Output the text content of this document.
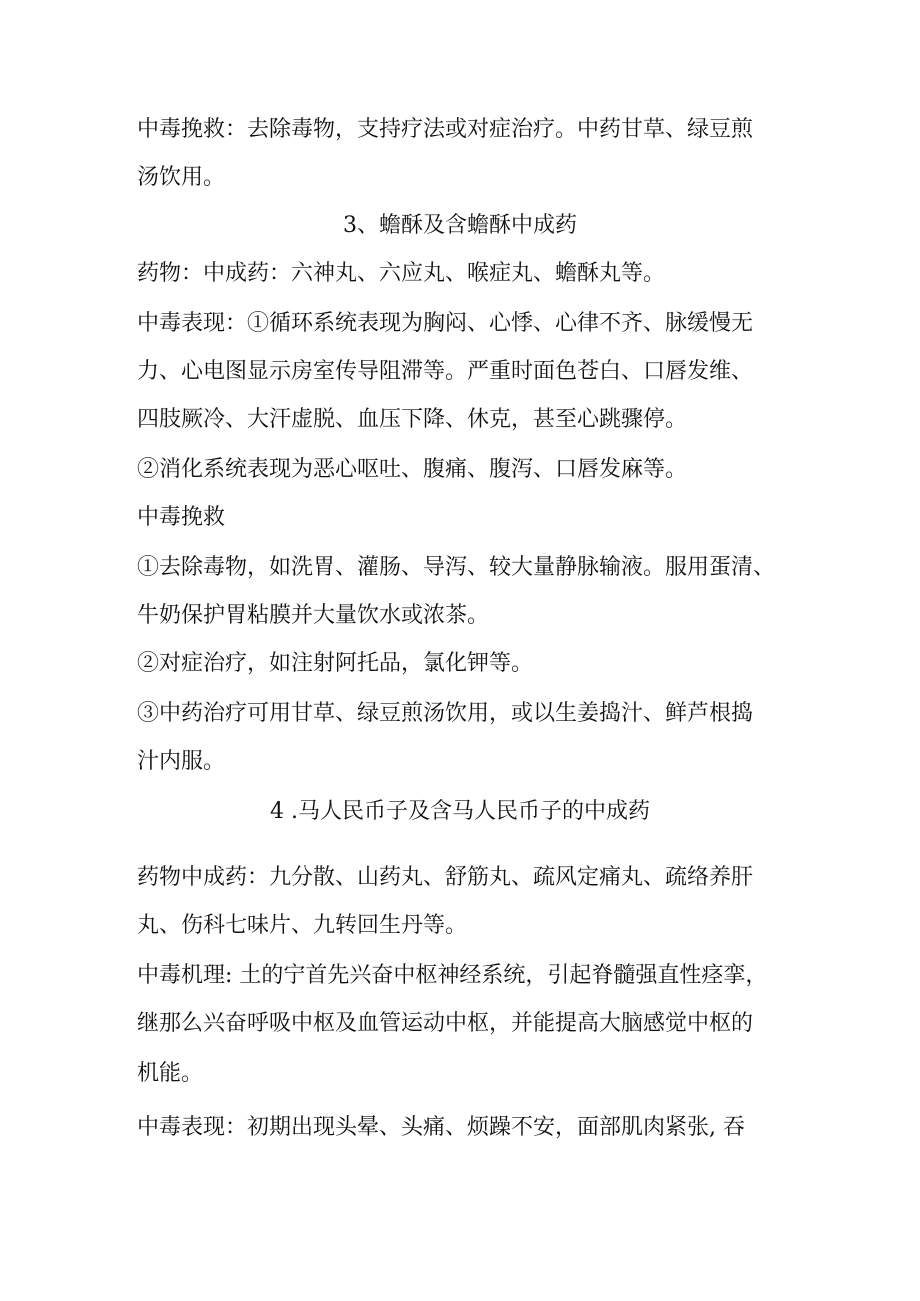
中毒挽救：去除毒物，支持疗法或对症治疗。中药甘草、绿豆煎
汤饮用。
3、蟾酥及含蟾酥中成药
药物：中成药：六神丸、六应丸、喉症丸、蟾酥丸等。
中毒表现：①循环系统表现为胸闷、心悸、心律不齐、脉缓慢无
力、心电图显示房室传导阻滞等。严重时面色苍白、口唇发维、
四肢厥冷、大汗虚脱、血压下降、休克，甚至心跳骤停。
②消化系统表现为恶心呕吐、腹痛、腹泻、口唇发麻等。
中毒挽救
①去除毒物，如洗胃、灌肠、导泻、较大量静脉输液。服用蛋清、
牛奶保护胃粘膜并大量饮水或浓茶。
②对症治疗，如注射阿托品，氯化钾等。
③中药治疗可用甘草、绿豆煎汤饮用，或以生姜捣汁、鲜芦根捣
汁内服。
4 .马人民币子及含马人民币子的中成药
药物中成药：九分散、山药丸、舒筋丸、疏风定痛丸、疏络养肝
丸、伤科七味片、九转回生丹等。
中毒机理: 土的宁首先兴奋中枢神经系统，引起脊髓强直性痉挛，
继那么兴奋呼吸中枢及血管运动中枢，并能提高大脑感觉中枢的
机能。
中毒表现：初期出现头晕、头痛、烦躁不安，面部肌肉紧张, 吞
